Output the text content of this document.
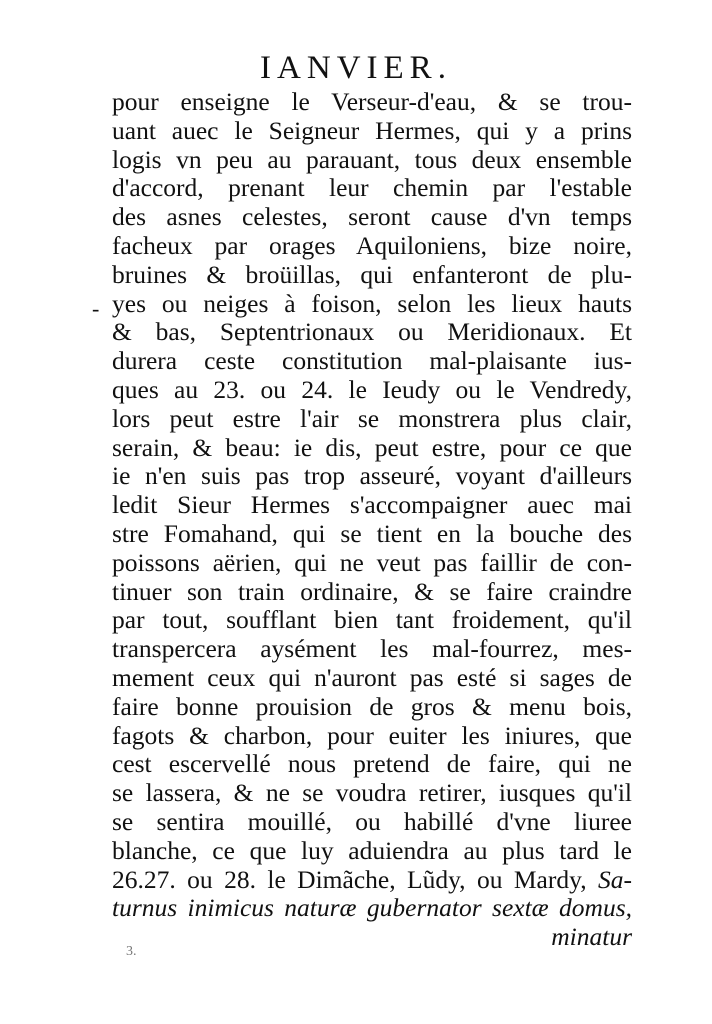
IANVIER.
-
pour enseigne le Verseur-d'eau, & se trou-
uant auec le Seigneur Hermes, qui y a prins
logis vn peu au parauant, tous deux ensemble
d'accord, prenant leur chemin par l'estable
des asnes celestes, seront cause d'vn temps
facheux par orages Aquiloniens, bize noire,
bruines & broüillas, qui enfanteront de plu-
yes ou neiges à foison, selon les lieux hauts
& bas, Septentrionaux ou Meridionaux. Et
durera ceste constitution mal-plaisante ius-
ques au 23. ou 24. le Ieudy ou le Vendredy,
lors peut estre l'air se monstrera plus clair,
serain, & beau: ie dis, peut estre, pour ce que
ie n'en suis pas trop asseuré, voyant d'ailleurs
ledit Sieur Hermes s'accompaigner auec mai
stre Fomahand, qui se tient en la bouche des
poissons aërien, qui ne veut pas faillir de con-
tinuer son train ordinaire, & se faire craindre
par tout, soufflant bien tant froidement, qu'il
transpercera aysément les mal-fourrez, mes-
mement ceux qui n'auront pas esté si sages de
faire bonne prouision de gros & menu bois,
fagots & charbon, pour euiter les iniures, que
cest escervellé nous pretend de faire, qui ne
se lassera, & ne se voudra retirer, iusques qu'il
se sentira mouillé, ou habillé d'vne liuree
blanche, ce que luy aduiendra au plus tard le
26.27. ou 28. le Dimãche, Lũdy, ou Mardy, Sa-
turnus inimicus naturæ gubernator sextæ domus,
minatur
3.
